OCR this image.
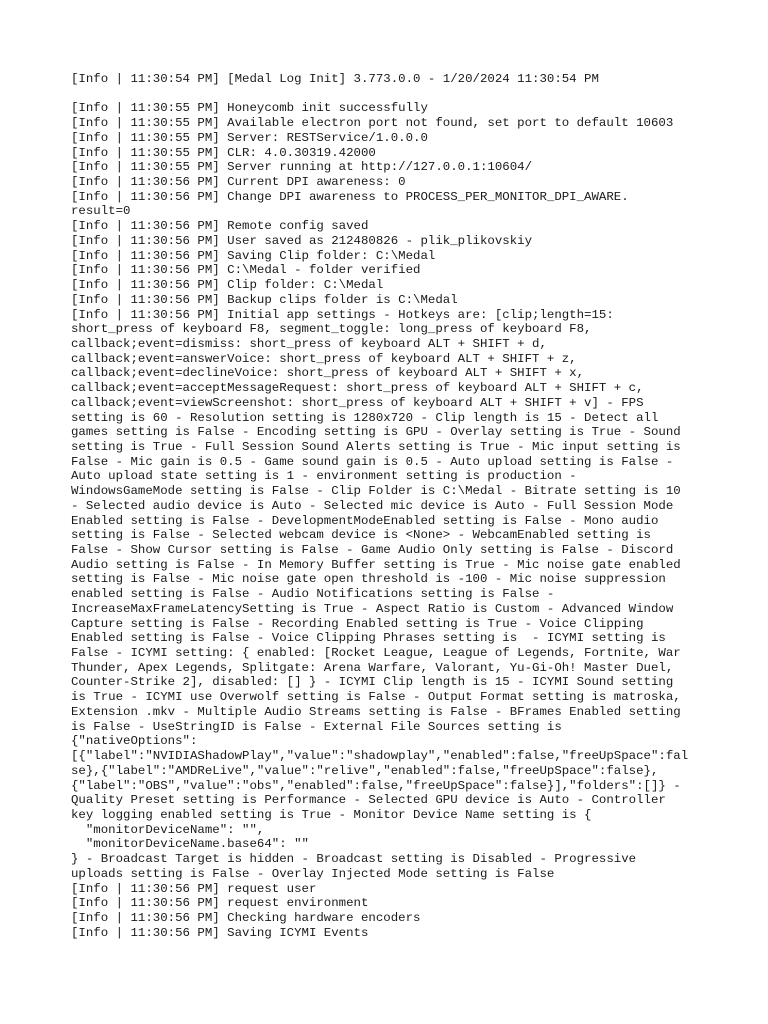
[Info | 11:30:54 PM] [Medal Log Init] 3.773.0.0 - 1/20/2024 11:30:54 PM
[Info | 11:30:55 PM] Honeycomb init successfully
[Info | 11:30:55 PM] Available electron port not found, set port to default 10603
[Info | 11:30:55 PM] Server: RESTService/1.0.0.0
[Info | 11:30:55 PM] CLR: 4.0.30319.42000
[Info | 11:30:55 PM] Server running at http://127.0.0.1:10604/
[Info | 11:30:56 PM] Current DPI awareness: 0
[Info | 11:30:56 PM] Change DPI awareness to PROCESS_PER_MONITOR_DPI_AWARE.
result=0
[Info | 11:30:56 PM] Remote config saved
[Info | 11:30:56 PM] User saved as 212480826 - plik_plikovskiy
[Info | 11:30:56 PM] Saving Clip folder: C:\Medal
[Info | 11:30:56 PM] C:\Medal - folder verified
[Info | 11:30:56 PM] Clip folder: C:\Medal
[Info | 11:30:56 PM] Backup clips folder is C:\Medal
[Info | 11:30:56 PM] Initial app settings - Hotkeys are: [clip;length=15:
short_press of keyboard F8, segment_toggle: long_press of keyboard F8,
callback;event=dismiss: short_press of keyboard ALT + SHIFT + d,
callback;event=answerVoice: short_press of keyboard ALT + SHIFT + z,
callback;event=declineVoice: short_press of keyboard ALT + SHIFT + x,
callback;event=acceptMessageRequest: short_press of keyboard ALT + SHIFT + c,
callback;event=viewScreenshot: short_press of keyboard ALT + SHIFT + v] - FPS
setting is 60 - Resolution setting is 1280x720 - Clip length is 15 - Detect all
games setting is False - Encoding setting is GPU - Overlay setting is True - Sound
setting is True - Full Session Sound Alerts setting is True - Mic input setting is
False - Mic gain is 0.5 - Game sound gain is 0.5 - Auto upload setting is False -
Auto upload state setting is 1 - environment setting is production -
WindowsGameMode setting is False - Clip Folder is C:\Medal - Bitrate setting is 10
- Selected audio device is Auto - Selected mic device is Auto - Full Session Mode
Enabled setting is False - DevelopmentModeEnabled setting is False - Mono audio
setting is False - Selected webcam device is <None> - WebcamEnabled setting is
False - Show Cursor setting is False - Game Audio Only setting is False - Discord
Audio setting is False - In Memory Buffer setting is True - Mic noise gate enabled
setting is False - Mic noise gate open threshold is -100 - Mic noise suppression
enabled setting is False - Audio Notifications setting is False -
IncreaseMaxFrameLatencySetting is True - Aspect Ratio is Custom - Advanced Window
Capture setting is False - Recording Enabled setting is True - Voice Clipping
Enabled setting is False - Voice Clipping Phrases setting is  - ICYMI setting is
False - ICYMI setting: { enabled: [Rocket League, League of Legends, Fortnite, War
Thunder, Apex Legends, Splitgate: Arena Warfare, Valorant, Yu-Gi-Oh! Master Duel,
Counter-Strike 2], disabled: [] } - ICYMI Clip length is 15 - ICYMI Sound setting
is True - ICYMI use Overwolf setting is False - Output Format setting is matroska,
Extension .mkv - Multiple Audio Streams setting is False - BFrames Enabled setting
is False - UseStringID is False - External File Sources setting is
{"nativeOptions":
[{"label":"NVIDIAShadowPlay","value":"shadowplay","enabled":false,"freeUpSpace":fal
se},{"label":"AMDReLive","value":"relive","enabled":false,"freeUpSpace":false},
{"label":"OBS","value":"obs","enabled":false,"freeUpSpace":false}],"folders":[]} -
Quality Preset setting is Performance - Selected GPU device is Auto - Controller
key logging enabled setting is True - Monitor Device Name setting is {
"monitorDeviceName": "",
"monitorDeviceName.base64": ""
} - Broadcast Target is hidden - Broadcast setting is Disabled - Progressive
uploads setting is False - Overlay Injected Mode setting is False
[Info | 11:30:56 PM] request user
[Info | 11:30:56 PM] request environment
[Info | 11:30:56 PM] Checking hardware encoders
[Info | 11:30:56 PM] Saving ICYMI Events
